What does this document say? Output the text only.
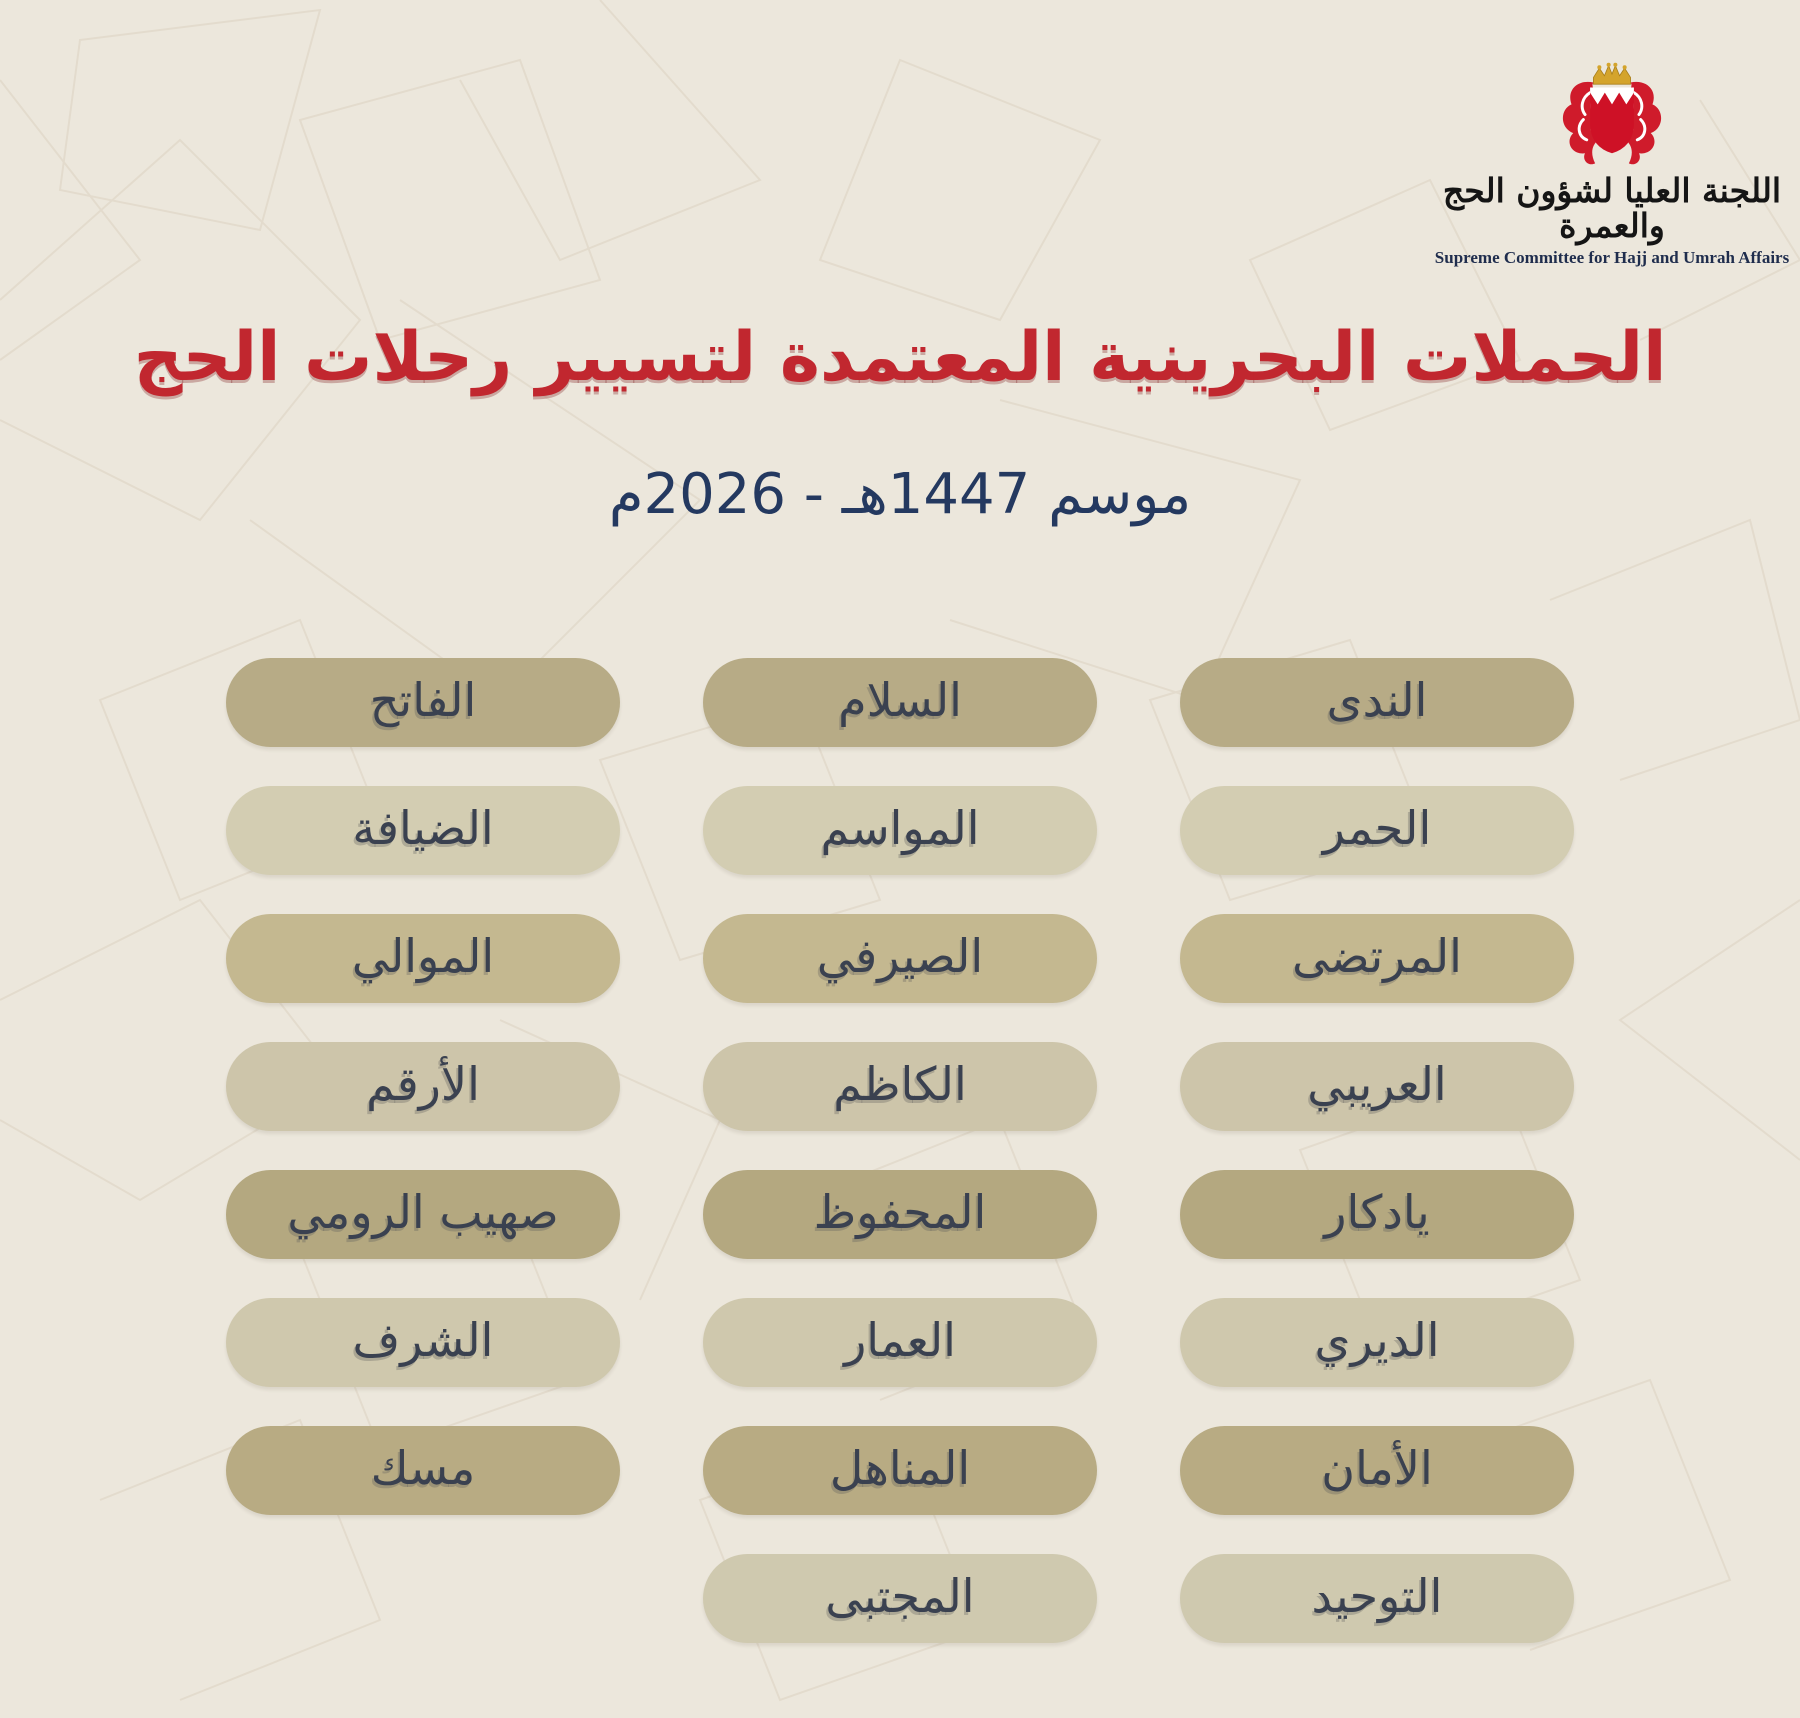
اللجنة العليا لشؤون الحج والعمرة
Supreme Committee for Hajj and Umrah Affairs
الحملات البحرينية المعتمدة لتسيير رحلات الحج
موسم 1447هـ - 2026م
الندى
السلام
الفاتح
الحمر
المواسم
الضيافة
المرتضى
الصيرفي
الموالي
العريبي
الكاظم
الأرقم
يادكار
المحفوظ
صهيب الرومي
الديري
العمار
الشرف
الأمان
المناهل
مسك
التوحيد
المجتبى
